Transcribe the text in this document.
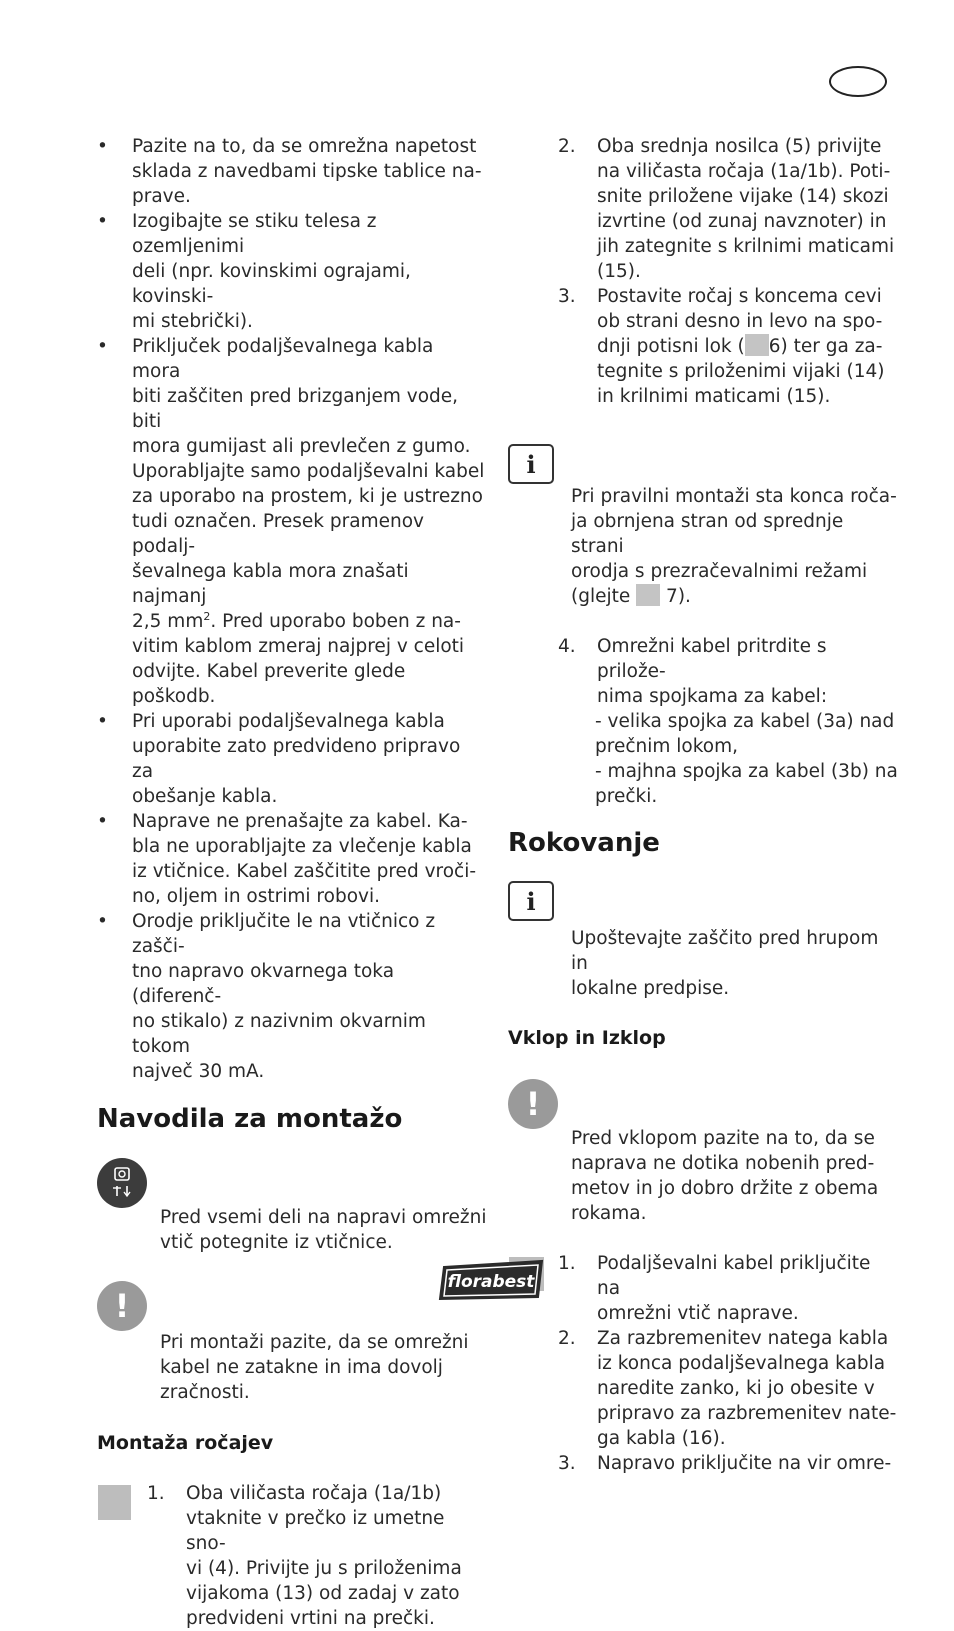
• Pazite na to, da se omrežna napetost
sklada z navedbami tipske tablice na-
prave.
• Izogibajte se stiku telesa z ozemljenimi
deli (npr. kovinskimi ograjami, kovinski-
mi stebrički).
• Priključek podaljševalnega kabla mora
biti zaščiten pred brizganjem vode, biti
mora gumijast ali prevlečen z gumo.
Uporabljajte samo podaljševalni kabel
za uporabo na prostem, ki je ustrezno
tudi označen. Presek pramenov podalj-
ševalnega kabla mora znašati najmanj
2,5 $mm^2$. Pred uporabo boben z na-
vitim kablom zmeraj najprej v celoti
odvijte. Kabel preverite glede poškodb.
• Pri uporabi podaljševalnega kabla
uporabite zato predvideno pripravo za
obešanje kabla.
• Naprave ne prenašajte za kabel. Ka-
bla ne uporabljajte za vlečenje kabla
iz vtičnice. Kabel zaščitite pred vroči-
no, oljem in ostrimi robovi.
• Orodje priključite le na vtičnico z zašči-
tno napravo okvarnega toka (diferenč-
no stikalo) z nazivnim okvarnim tokom
največ 30 mA.
Navodila za montažo

Pred vsemi deli na napravi omrežni
vtič potegnite iz vtičnice.

!

Pri montaži pazite, da se omrežni
kabel ne zatakne in ima dovolj
zračnosti.

Montaža ročajev
1. Oba viličasta ročaja (1a/1b)
vtaknite v prečko iz umetne sno-
vi (4). Privijte ju s priloženima
vijakoma (13) od zadaj v zato
predvideni vrtini na prečki.
2. Oba srednja nosilca (5) privijte
na viličasta ročaja (1a/1b). Poti-
snite priložene vijake (14) skozi
izvrtine (od zunaj navznoter) in
jih zategnite s krilnimi maticami
(15).
3. Postavite ročaj s koncema cevi
ob strani desno in levo na spo-
dnji potisni lok ( 6) ter ga za-
tegnite s priloženimi vijaki (14)
in krilnimi maticami (15).

i

Pri pravilni montaži sta konca roča-
ja obrnjena stran od sprednje strani
orodja s prezračevalnimi režami
(glejte  7).

4. Omrežni kabel pritrdite s prilože-
nima spojkama za kabel:
- velika spojka za kabel (3a) nad
prečnim lokom,
- majhna spojka za kabel (3b) na
prečki.
Rokovanje

i

Upoštevajte zaščito pred hrupom in
lokalne predpise.

Vklop in Izklop

!

Pred vklopom pazite na to, da se
naprava ne dotika nobenih pred-
metov in jo dobro držite z obema
rokama.

1. Podaljševalni kabel priključite na
omrežni vtič naprave.
2. Za razbremenitev natega kabla
iz konca podaljševalnega kabla
naredite zanko, ki jo obesite v
pripravo za razbremenitev nate-
ga kabla (16).
3. Napravo priključite na vir omre-
florabest
